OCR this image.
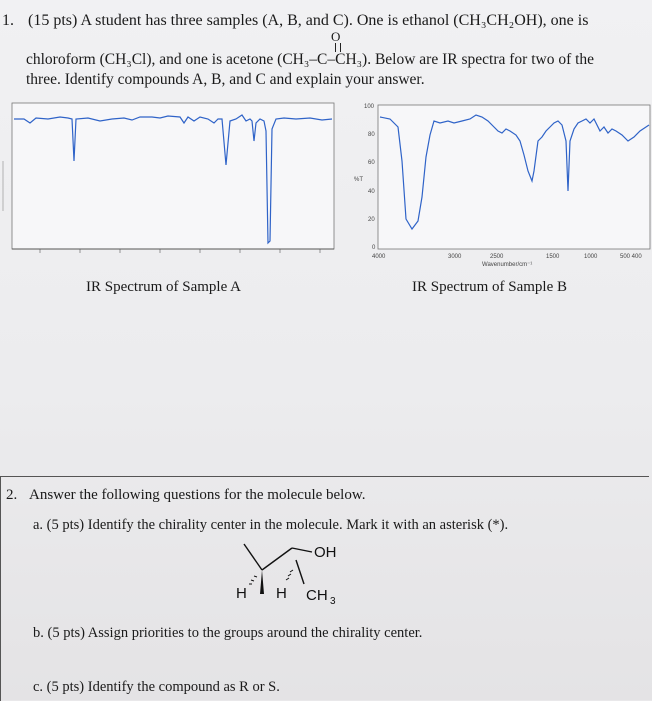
1. (15 pts) A student has three samples (A, B, and C). One is ethanol (CH₃CH₂OH), one is
O
chloroform (CH₃Cl), and one is acetone (CH₃–C–CH₃). Below are IR spectra for two of the
three. Identify compounds A, B, and C and explain your answer.
100
80
60
%T
40
20
0
4000	3000	2500	1500	1000	500 400
Wavenumber/cm⁻¹
IR Spectrum of Sample A	IR Spectrum of Sample B
2. Answer the following questions for the molecule below.
a. (5 pts) Identify the chirality center in the molecule. Mark it with an asterisk (*).
OH
H H CH 3
b. (5 pts) Assign priorities to the groups around the chirality center.
c. (5 pts) Identify the compound as R or S.
